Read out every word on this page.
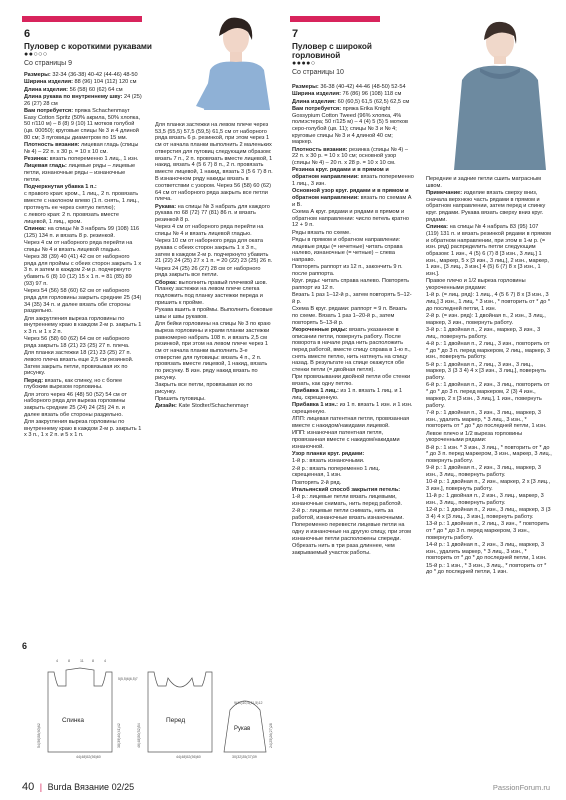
6
Пуловер с короткими рукавами
●●○○○
Со страницы 9

Размеры: 32-34 (36-38) 40-42 (44-46) 48-50

Ширина изделия: 88 (96) 104 (112) 120 см

Длина изделия: 56 (58) 60 (62) 64 см

Длина рукава по внутреннему шву: 24 (25) 26 (27) 28 см

Вам потребуется: пряжа Schachenmayr Easy Cotton Spritz (50% акрила, 50% хлопка, 50 г/110 м) – 8 (8) 9 (10) 11 мотков голубой (цв. 00050); круговые спицы № 3 и 4 длиной 80 см; 3 пуговицы диаметром по 15 мм.

Плотность вязания: лицевая гладь (спицы № 4) – 22 п. х 30 р. = 10 х 10 см.

Резинка: вязать попеременно 1 лиц., 1 изн.

Лицевая гладь: лицевые ряды – лицевые петли, изнаночные ряды – изнаночные петли.

Подчеркнутая убавка 1 п.:

с правого края: кром., 1 лиц., 2 п. провязать вместе с наклоном влево (1 п. снять, 1 лиц., протянуть ее через снятую петлю);

с левого края: 2 п. провязать вместе лицевой, 1 лиц., кром.

Спинка: на спицы № 3 набрать 99 (108) 116 (125) 134 п. и вязать 8 р. резинкой.

Через 4 см от наборного ряда перейти на спицы № 4 и вязать лицевой гладью.

Через 38 (39) 40 (41) 42 см от наборного ряда для проймы с обеих сторон закрыть 1 х 3 п. и затем в каждом 2-м р. подчеркнуто убавить 6 (8) 10 (12) 15 х 1 п. = 81 (85) 89 (93) 97 п.

Через 54 (56) 58 (60) 62 см от наборного ряда для горловины закрыть средние 25 (34) 34 (35) 34 п. и далее вязать обе стороны раздельно.

Для закругления выреза горловины по внутреннему краю в каждом 2-м р. закрыть 1 х 3 п. и 1 х 2 п.

Через 56 (58) 60 (62) 64 см от наборного ряда закрыть 18 (21) 23 (25) 27 п. плеча.

Для планки застежки 18 (21) 23 (25) 27 п. левого плеча вязать еще 2,5 см резинкой. Затем закрыть петли, провязывая их по рисунку.

Перед: вязать, как спинку, но с более глубоким вырезом горловины.

Для этого через 46 (48) 50 (52) 54 см от наборного ряда для выреза горловины закрыть средние 25 (24) 24 (25) 24 п. и далее вязать обе стороны раздельно.

Для закругления выреза горловины по внутреннему краю в каждом 2-м р. закрыть 1 х 3 п., 1 х 2 п. и 5 х 1 п.

Для планки застежки на левом плече через 53,5 (55,5) 57,5 (59,5) 61,5 см от наборного ряда вязать 6 р. резинкой, при этом через 1 см от начала планки выполнить 2 маленьких отверстия для пуговиц следующим образом: вязать 7 п., 2 п. провязать вместе лицевой, 1 накид, вязать 4 (5 6 7) 8 п., 2 п. провязать вместе лицевой, 1 накид, вязать 3 (5 6 7) 8 п.

В изнаночном ряду накиды вязать в соответствии с узором. Через 56 (58) 60 (62) 64 см от наборного ряда закрыть все петли плеча.

Рукава: на спицы № 3 набрать для каждого рукава по 68 (72) 77 (81) 86 п. и вязать резинкой 8 р.

Через 4 см от наборного ряда перейти на спицы № 4 и вязать лицевой гладью.

Через 10 см от наборного ряда для оката рукава с обеих сторон закрыть 1 х 3 п., затем в каждом 2-м р. подчеркнуто убавить 21 (22) 24 (25) 27 х 1 п. = 20 (22) 23 (25) 26 п.

Через 24 (25) 26 (27) 28 см от наборного ряда закрыть все петли.

Сборка: выполнить правый плечевой шов. Планку застежки на левом плече слегка подложить под планку застежки переда и пришить к проймe.

Рукава вшить в проймы. Выполнить боковые швы и швы рукавов.

Для бейки горловины на спицы № 3 по краю выреза горловины и краям планки застежки равномерно набрать 108 п. и вязать 2,5 см резинкой, при этом на левом плече через 1 см от начала планки выполнить 3-е отверстие для пуговицы: вязать 4 п., 2 п. провязать вместе лицевой, 1 накид, вязать по рисунку. В изн. ряду накид вязать по рисунку.

Закрыть все петли, провязывая их по рисунку.

Пришить пуговицы.

Дизайн: Kate Stodter/Schachenmayr

6
Спинка	Перед
Рукав
44(48)52(56)60	44(48)52(56)60	30(32)35(37)39
54(56)58(60)62	46(48)50(52)54
38(39)40(41)42	24(25)26(27)28
9(10)10,5(11,5)12
4	8	11 8	4
5(5,5)6(6,5)7
40 | Burda Вязание 02/25
7
Пуловер с широкой горловиной
●●●●○
Со страницы 10

Размеры: 36-38 (40-42) 44-46 (48-50) 52-54

Ширина изделия: 76 (86) 96 (108) 118 см

Длина изделия: 60 (60,5) 61,5 (62,5) 62,5 см

Вам потребуется: пряжа Erika Knight Gossypium Cotton Tweed (96% хлопка, 4% полиэстера; 50 г/125 м) – 4 (4) 5 (5) 5 мотков серо-голубой (цв. 11); спицы № 3 и № 4; круговые спицы № 3 и 4 длиной 40 см; маркер.

Плотность вязания: резинка (спицы № 4) – 22 п. х 30 р. = 10 х 10 см; основной узор (спицы № 4) – 20 п. х 28 р. = 10 х 10 см.

Резинка круг. рядами и в прямом и обратном направлении: вязать попеременно 1 лиц., 3 изн.

Основной узор круг. рядами и в прямом и обратном направлении: вязать по схемам А и В.

Схема А круг. рядами и рядами в прямом и обратном направлении: число петель кратно 12 + 9 п.

Ряды вязать по схеме.

Ряды в прямом и обратном направлении: лицевые ряды (= нечетные) читать справа налево, изнаночные (= четные) – слева направо.

Повторять раппорт из 12 п., закончить 9 п. после раппорта.

Круг. ряды: читать справа налево. Повторять раппорт из 12 п.

Вязать 1 раз 1–12-й р., затем повторять 5–12-й р.

Схема В круг. рядами: раппорт = 9 п. Вязать по схеме. Вязать 1 раз 1–20-й р., затем повторять 5–13-й р.

Укороченные ряды: вязать указанное в описании петли, повернуть работу. После поворота в начале ряда нить расположить перед работой, вместе спицу справа в 1-ю п., снять вместе петлю, нить натянуть на спицу назад. В результате на спице окажутся обе стенки петли (= двойная петля).

При провязывании двойной петли обе стенки вязать, как одну петлю.

Прибавка 1 лиц.: из 1 п. вязать 1 лиц. и 1 лиц. скрещенную.

Прибавка 1 изн.: из 1 п. вязать 1 изн. и 1 изн. скрещенную.

ЛПП: лицевая патентная петля, провязанная вместе с накидом/накидами лицевой.

ИПП: изнаночная патентная петля, провязанная вместе с накидом/накидами изнаночной.

Узор планки круг. рядами:

1-й р.: вязать изнаночными.

2-й р.: вязать попеременно 1 лиц. скрещенная, 1 изн.

Повторять 2-й ряд.

Итальянский способ закрытия петель:

1-й р.: лицевые петли вязать лицевыми, изнаночные снимать, нить перед работой.

2-й р.: лицевые петли снимать, нить за работой, изнаночные вязать изнаночными.

Попеременно перевести лицевые петли на одну и изнаночные на другую спицу, при этом изнаночные петли расположены спереди.

Обрезать нить в три раза длиннее, чем закрываемый участок работы.

Передние и задние петли сшить матрасным швом.

Примечание: изделие вязать сверху вниз, сначала верхнюю часть рядами в прямом и обратном направлении, затем перед и спинку круг. рядами. Рукава вязать сверху вниз круг. рядами.

Спинка: на спицы № 4 набрать 83 (95) 107 (119) 131 п. и вязать резинкой рядами в прямом и обратном направлении, при этом в 1-м р. (= изн. ряд) распределить петли следующим образом: 1 изн., 4 (5) 6 (7) 8 [3 изн., 3 лиц.] 1 изн., маркер, 5 x [3 изн., 3 лиц.], 2 изн., маркер, 1 изн., [3 лиц., 3 изн.] 4 (5) 6 (7) 8 x [3 изн., 1 изн.].

Правое плечо и 1/2 выреза горловины укороченными рядами:

1-й р. (= лиц. ряд): 1 лиц., 4 (5 6 7) 8 x [3 изн., 3 лиц.] 3 изн., 1 лиц. * 3 изн., * повторить от * до * до последней петли, 1 изн.

2-й р. (= изн. ряд): 1 двойная п., 2 изн., 3 лиц., маркер, 3 изн., повернуть работу.

3-й р.: 1 двойная п., 2 изн., маркер, 3 изн., 3 лиц., повернуть работу.

4-й р.: 1 двойная п., 2 лиц., 3 изн., повторить от * до * до 3 п. перед маркером, 2 лиц., маркер, 3 изн., повернуть работу.

5-й р.: 1 двойная п., 2 лиц., 3 изн., 3 лиц., маркер, 3 (3 3 4) 4 x [3 изн., 3 лиц.], повернуть работу.

6-й р.: 1 двойная п., 2 изн., 3 лиц., повторить от * до * до 3 п. перед маркером, 2 (3) 4 изн., маркер, 2 x [3 изн., 3 лиц.], 1 изн., повернуть работу.

7-й р.: 1 двойная п., 3 изн., 3 лиц., маркер, 3 изн., удалить маркер, * 3 лиц., 3 изн., * повторить от * до * до последней петли, 1 изн.

Левое плечо и 1/2 выреза горловины укороченными рядами:

8-й р.: 1 изн. * 3 изн., 3 лиц., * повторить от * до * до 3 п. перед маркером, 3 изн., маркер, 3 лиц., повернуть работу.

9-й р.: 1 двойная п., 2 изн., 3 лиц., маркер, 3 изн., 3 лиц., повернуть работу.

10-й р.: 1 двойная п., 2 изн., маркер, 2 x [3 лиц., 3 изн.], повернуть работу.

11-й р.: 1 двойная п., 2 изн., 3 лиц., маркер, 3 изн., 3 лиц., повернуть работу.

12-й р.: 1 двойная п., 2 изн., 3 лиц., маркер, 3 (3 3 4) 4 x [3 лиц., 3 изн.], повернуть работу.

13-й р.: 1 двойная п., 2 лиц., 3 изн., * повторить от * до * до 3 п. перед маркером, 3 изн., повернуть работу.

14-й р.: 1 двойная п., 2 изн., 3 лиц., маркер, 3 изн., удалить маркер, * 3 лиц., 3 изн., * повторить от * до * до последней петли, 1 изн.

15-й р.: 1 изн., * 3 изн., 3 лиц., * повторить от * до * до последней петли, 1 изн.

PassionForum.ru
